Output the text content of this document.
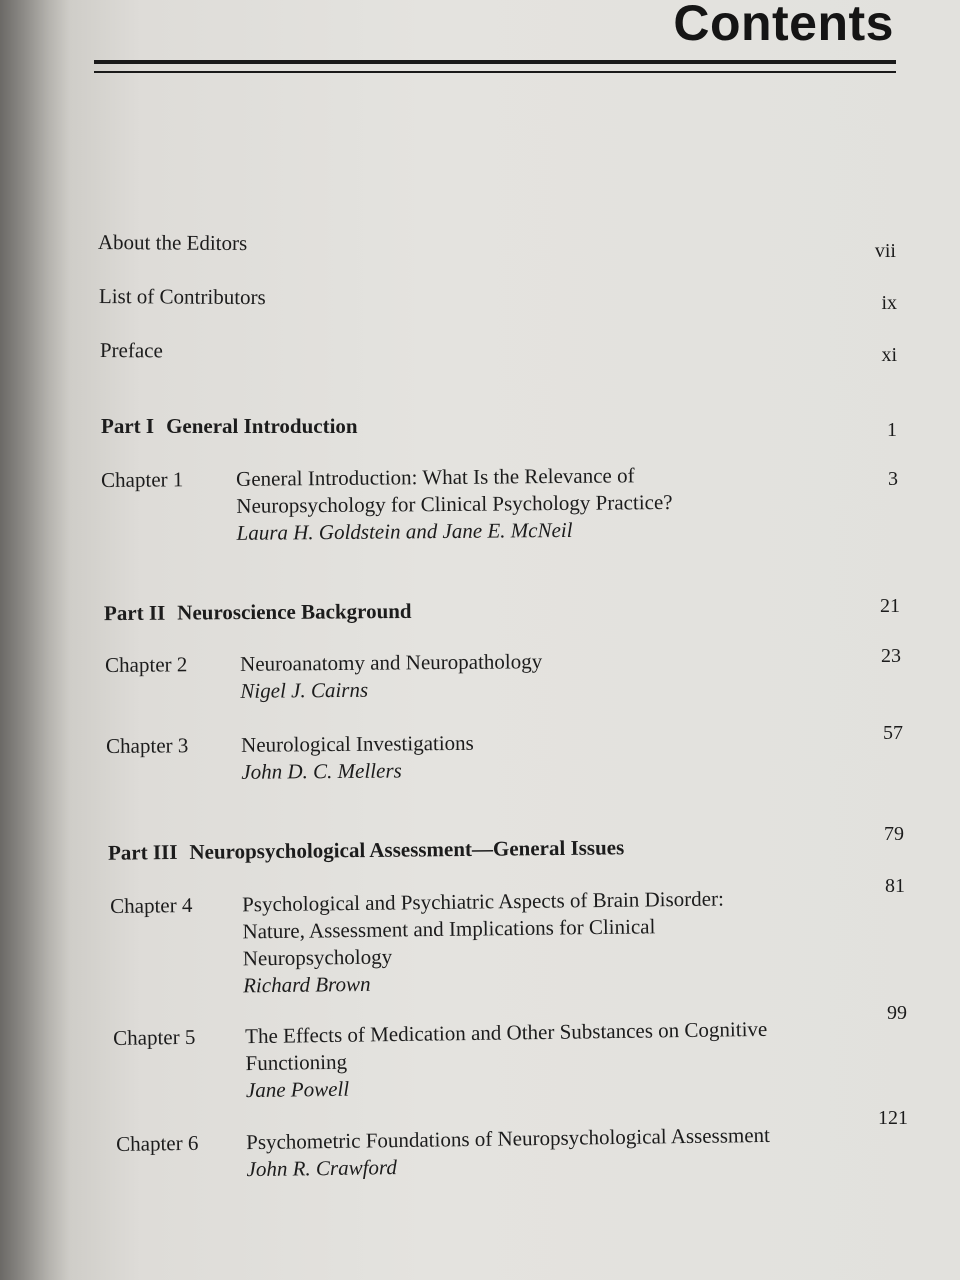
Contents
About the Editors	vii
List of Contributors	ix
Preface	xi
Part I General Introduction	1
Chapter 1	General Introduction: What Is the Relevance of
Neuropsychology for Clinical Psychology Practice?
Laura H. Goldstein and Jane E. McNeil
3
Part II Neuroscience Background	21
Chapter 2	Neuroanatomy and Neuropathology
Nigel J. Cairns
23
Chapter 3	Neurological Investigations
John D. C. Mellers
57
Part III Neuropsychological Assessment—General Issues
79
Chapter 4 Psychological and Psychiatric Aspects of Brain Disorder:
Nature, Assessment and Implications for Clinical
Neuropsychology
Richard Brown
81
Chapter 5 The Effects of Medication and Other Substances on Cognitive
Functioning
Jane Powell
99
Chapter 6 Psychometric Foundations of Neuropsychological Assessment
John R. Crawford
121
